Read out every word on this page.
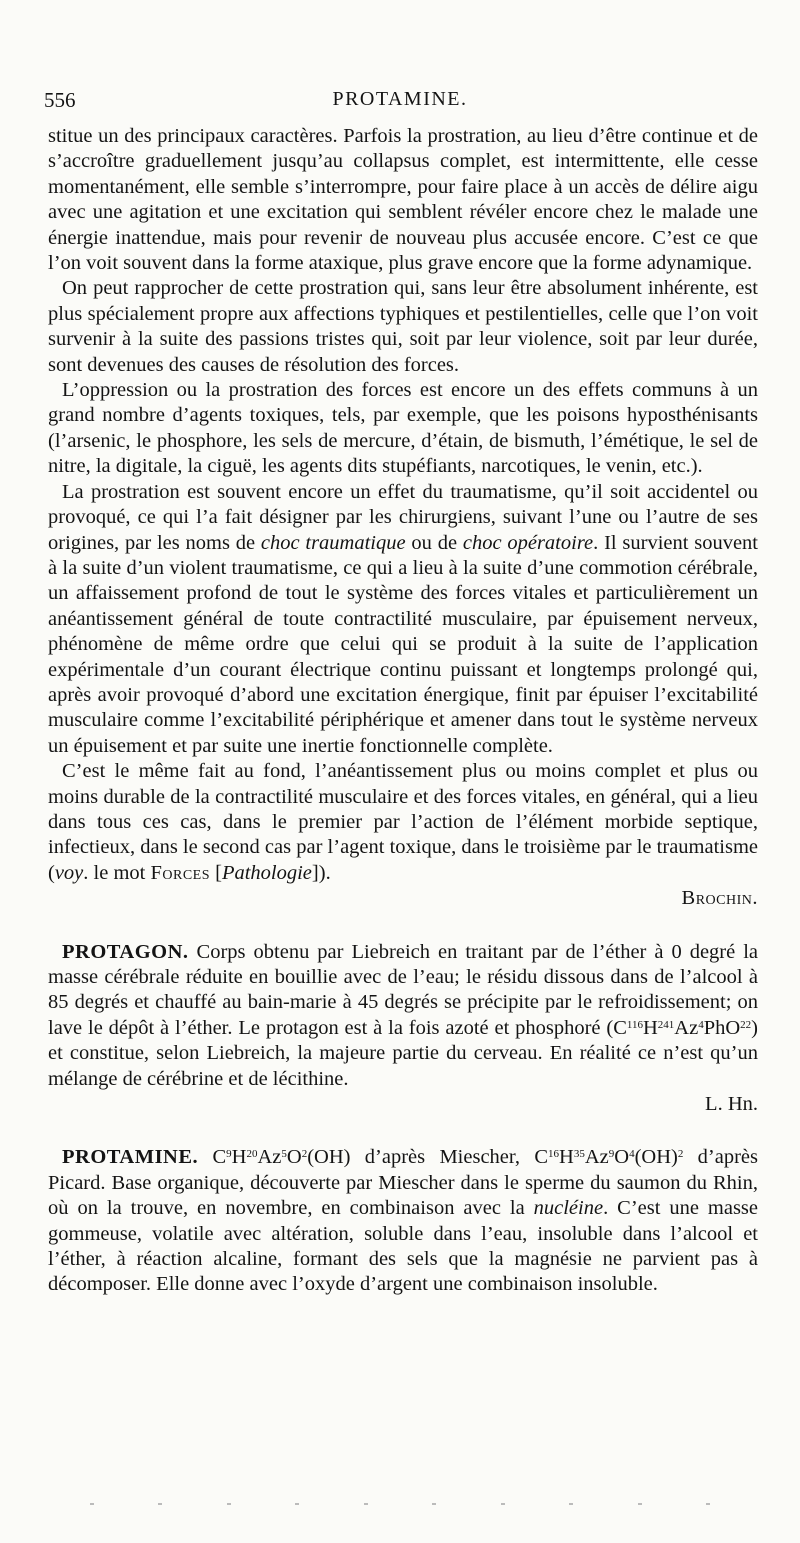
556	PROTAMINE.

stitue un des principaux caractères. Parfois la prostration, au lieu d’être continue et de s’accroître graduellement jusqu’au collapsus complet, est intermittente, elle cesse momentanément, elle semble s’interrompre, pour faire place à un accès de délire aigu avec une agitation et une excitation qui semblent révéler encore chez le malade une énergie inattendue, mais pour revenir de nouveau plus accusée encore. C’est ce que l’on voit souvent dans la forme ataxique, plus grave encore que la forme adynamique.

On peut rapprocher de cette prostration qui, sans leur être absolument inhérente, est plus spécialement propre aux affections typhiques et pestilentielles, celle que l’on voit survenir à la suite des passions tristes qui, soit par leur violence, soit par leur durée, sont devenues des causes de résolution des forces.

L’oppression ou la prostration des forces est encore un des effets communs à un grand nombre d’agents toxiques, tels, par exemple, que les poisons hyposthénisants (l’arsenic, le phosphore, les sels de mercure, d’étain, de bismuth, l’émétique, le sel de nitre, la digitale, la ciguë, les agents dits stupéfiants, narcotiques, le venin, etc.).

La prostration est souvent encore un effet du traumatisme, qu’il soit accidentel ou provoqué, ce qui l’a fait désigner par les chirurgiens, suivant l’une ou l’autre de ses origines, par les noms de choc traumatique ou de choc opératoire. Il survient souvent à la suite d’un violent traumatisme, ce qui a lieu à la suite d’une commotion cérébrale, un affaissement profond de tout le système des forces vitales et particulièrement un anéantissement général de toute contractilité musculaire, par épuisement nerveux, phénomène de même ordre que celui qui se produit à la suite de l’application expérimentale d’un courant électrique continu puissant et longtemps prolongé qui, après avoir provoqué d’abord une excitation énergique, finit par épuiser l’excitabilité musculaire comme l’excitabilité périphérique et amener dans tout le système nerveux un épuisement et par suite une inertie fonctionnelle complète.

C’est le même fait au fond, l’anéantissement plus ou moins complet et plus ou moins durable de la contractilité musculaire et des forces vitales, en général, qui a lieu dans tous ces cas, dans le premier par l’action de l’élément morbide septique, infectieux, dans le second cas par l’agent toxique, dans le troisième par le traumatisme (voy. le mot Forces [Pathologie]).
Brochin.

PROTAGON. Corps obtenu par Liebreich en traitant par de l’éther à 0 degré la masse cérébrale réduite en bouillie avec de l’eau; le résidu dissous dans de l’alcool à 85 degrés et chauffé au bain-marie à 45 degrés se précipite par le refroidissement; on lave le dépôt à l’éther. Le protagon est à la fois azoté et phosphoré $(C^{116}H^{241}Az^4PhO^{22})$ et constitue, selon Liebreich, la majeure partie du cerveau. En réalité ce n’est qu’un mélange de cérébrine et de lécithine.
L. Hn.

PROTAMINE. $C^9H^{20}Az^5O^2(OH)$ d’après Miescher, $C^{16}H^{35}Az^9O^4(OH)^2$ d’après Picard. Base organique, découverte par Miescher dans le sperme du saumon du Rhin, où on la trouve, en novembre, en combinaison avec la nucléine. C’est une masse gommeuse, volatile avec altération, soluble dans l’eau, insoluble dans l’alcool et l’éther, à réaction alcaline, formant des sels que la magnésie ne parvient pas à décomposer. Elle donne avec l’oxyde d’argent une combinaison insoluble.
